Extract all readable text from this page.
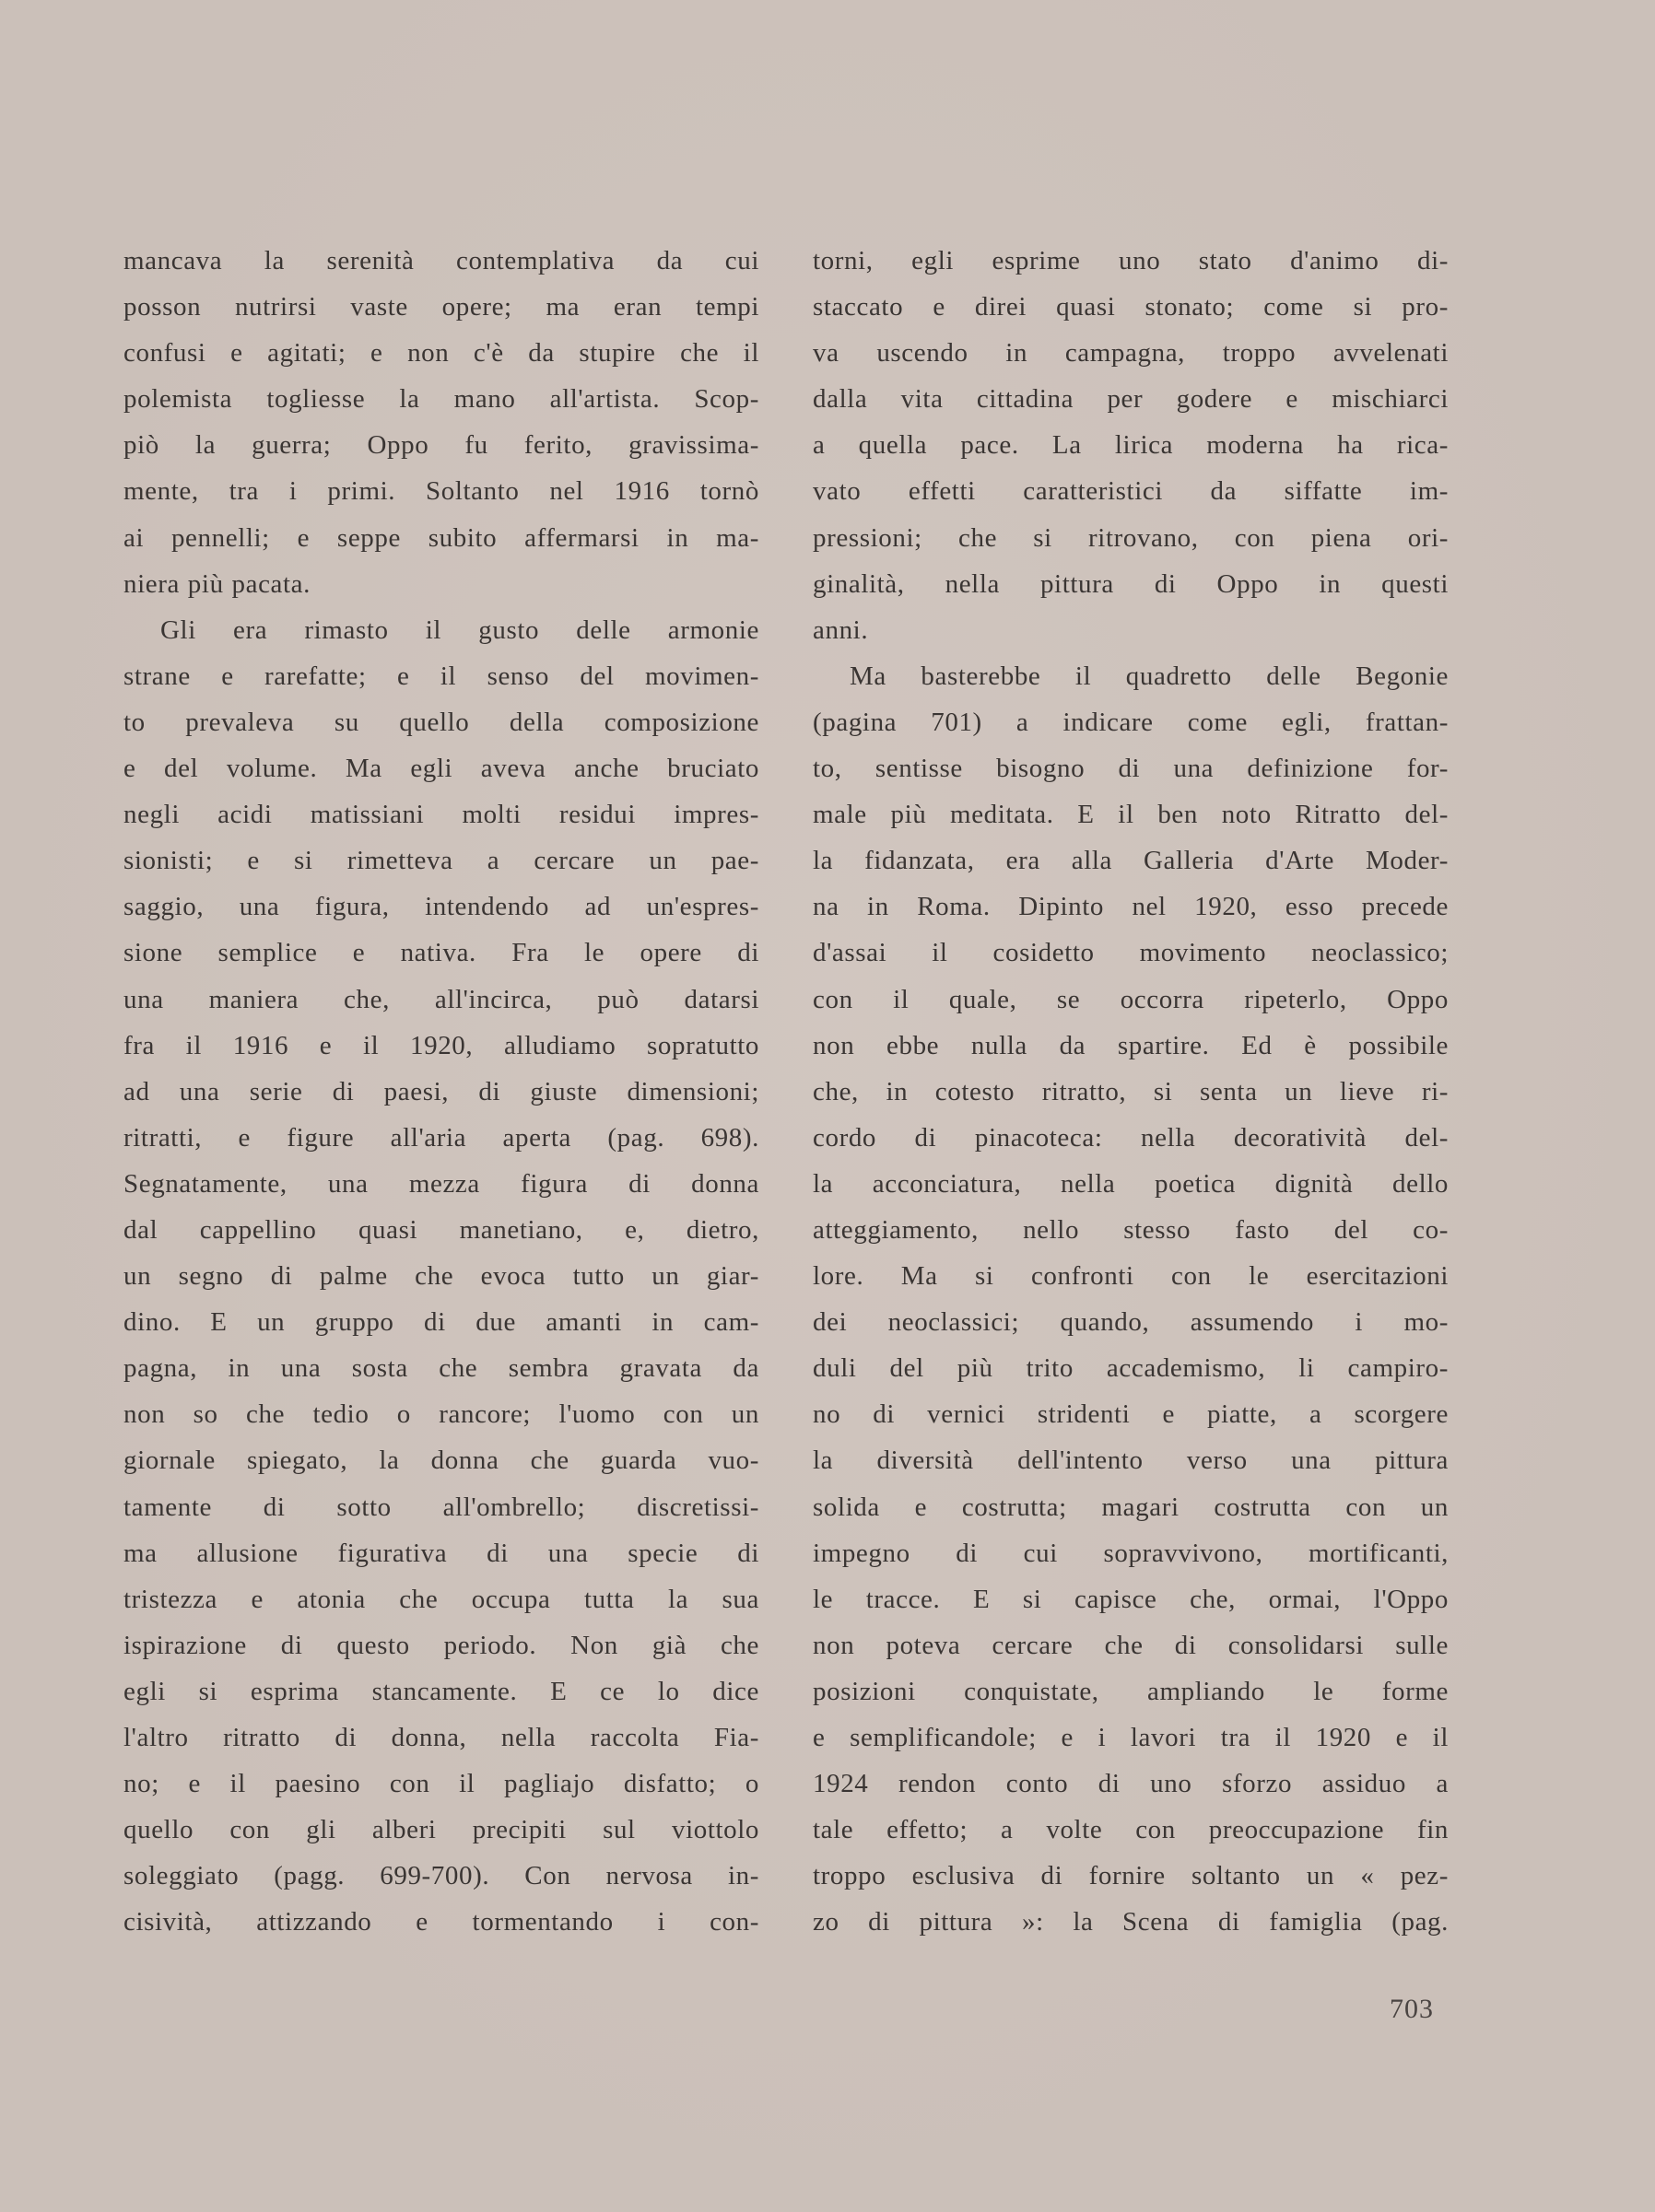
mancava la serenità contemplativa da cui
posson nutrirsi vaste opere; ma eran tempi
confusi e agitati; e non c'è da stupire che il
polemista togliesse la mano all'artista. Scop-
piò la guerra; Oppo fu ferito, gravissima-
mente, tra i primi. Soltanto nel 1916 tornò
ai pennelli; e seppe subito affermarsi in ma-
niera più pacata.
Gli era rimasto il gusto delle armonie
strane e rarefatte; e il senso del movimen-
to prevaleva su quello della composizione
e del volume. Ma egli aveva anche bruciato
negli acidi matissiani molti residui impres-
sionisti; e si rimetteva a cercare un pae-
saggio, una figura, intendendo ad un'espres-
sione semplice e nativa. Fra le opere di
una maniera che, all'incirca, può datarsi
fra il 1916 e il 1920, alludiamo sopratutto
ad una serie di paesi, di giuste dimensioni;
ritratti, e figure all'aria aperta (pag. 698).
Segnatamente, una mezza figura di donna
dal cappellino quasi manetiano, e, dietro,
un segno di palme che evoca tutto un giar-
dino. E un gruppo di due amanti in cam-
pagna, in una sosta che sembra gravata da
non so che tedio o rancore; l'uomo con un
giornale spiegato, la donna che guarda vuo-
tamente di sotto all'ombrello; discretissi-
ma allusione figurativa di una specie di
tristezza e atonia che occupa tutta la sua
ispirazione di questo periodo. Non già che
egli si esprima stancamente. E ce lo dice
l'altro ritratto di donna, nella raccolta Fia-
no; e il paesino con il pagliajo disfatto; o
quello con gli alberi precipiti sul viottolo
soleggiato (pagg. 699-700). Con nervosa in-
cisività, attizzando e tormentando i con-
torni, egli esprime uno stato d'animo di-
staccato e direi quasi stonato; come si pro-
va uscendo in campagna, troppo avvelenati
dalla vita cittadina per godere e mischiarci
a quella pace. La lirica moderna ha rica-
vato effetti caratteristici da siffatte im-
pressioni; che si ritrovano, con piena ori-
ginalità, nella pittura di Oppo in questi
anni.
Ma basterebbe il quadretto delle Begonie
(pagina 701) a indicare come egli, frattan-
to, sentisse bisogno di una definizione for-
male più meditata. E il ben noto Ritratto del-
la fidanzata, era alla Galleria d'Arte Moder-
na in Roma. Dipinto nel 1920, esso precede
d'assai il cosidetto movimento neoclassico;
con il quale, se occorra ripeterlo, Oppo
non ebbe nulla da spartire. Ed è possibile
che, in cotesto ritratto, si senta un lieve ri-
cordo di pinacoteca: nella decoratività del-
la acconciatura, nella poetica dignità dello
atteggiamento, nello stesso fasto del co-
lore. Ma si confronti con le esercitazioni
dei neoclassici; quando, assumendo i mo-
duli del più trito accademismo, li campiro-
no di vernici stridenti e piatte, a scorgere
la diversità dell'intento verso una pittura
solida e costrutta; magari costrutta con un
impegno di cui sopravvivono, mortificanti,
le tracce. E si capisce che, ormai, l'Oppo
non poteva cercare che di consolidarsi sulle
posizioni conquistate, ampliando le forme
e semplificandole; e i lavori tra il 1920 e il
1924 rendon conto di uno sforzo assiduo a
tale effetto; a volte con preoccupazione fin
troppo esclusiva di fornire soltanto un « pez-
zo di pittura »: la Scena di famiglia (pag.
703
